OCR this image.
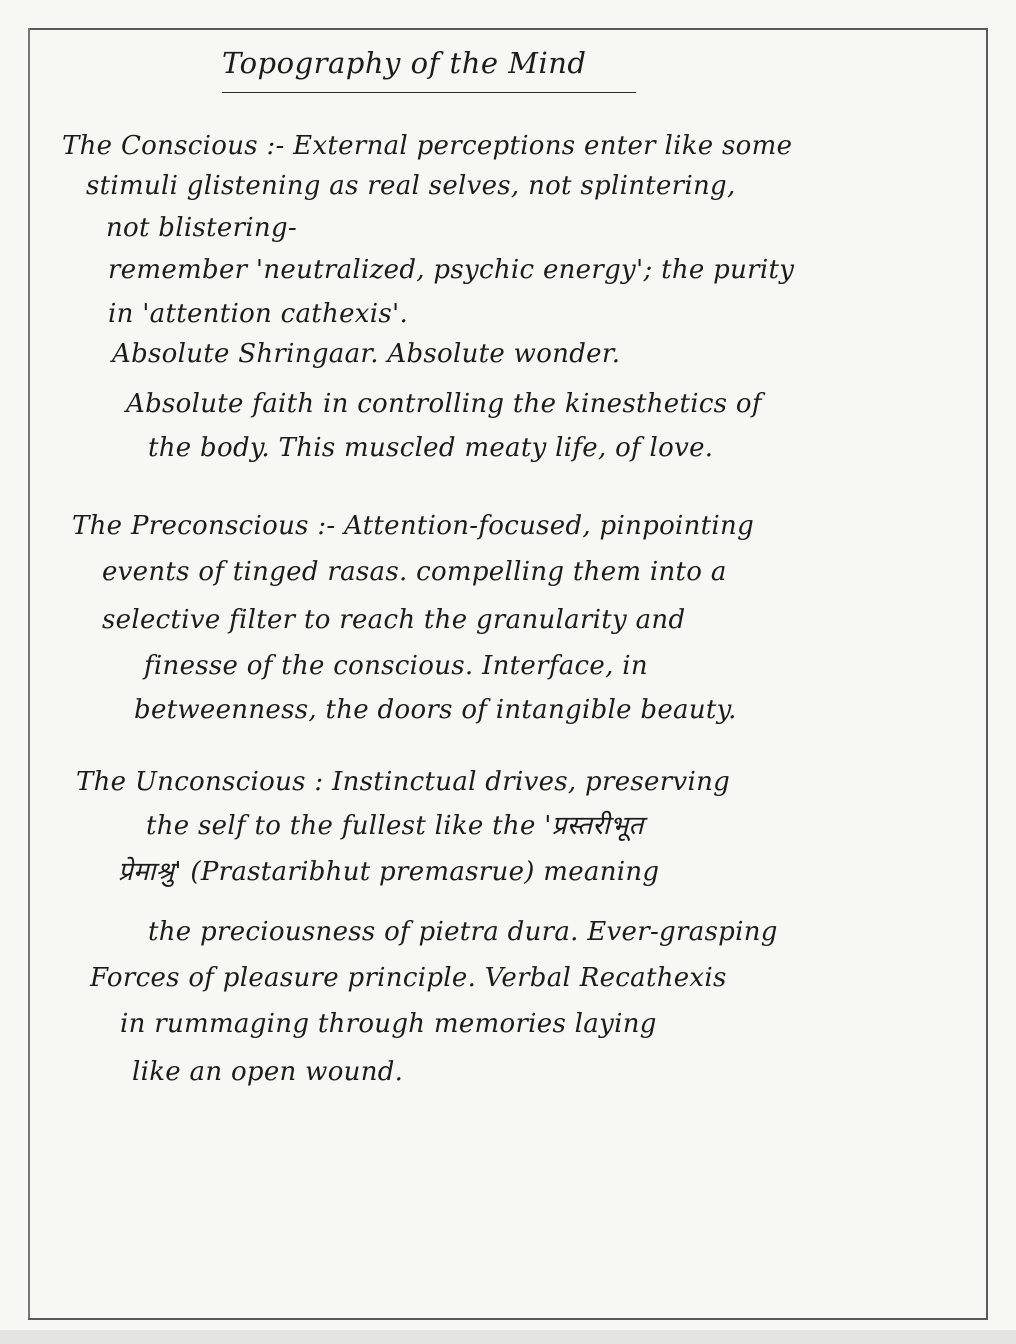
Topography of the Mind
The Conscious :- External perceptions enter like some
stimuli glistening as real selves, not splintering,
not blistering-
remember 'neutralized, psychic energy'; the purity
in 'attention cathexis'.
Absolute Shringaar. Absolute wonder.
Absolute faith in controlling the kinesthetics of
the body. This muscled meaty life, of love.
The Preconscious :- Attention-focused, pinpointing
events of tinged rasas. compelling them into a
selective filter to reach the granularity and
finesse of the conscious. Interface, in
betweenness, the doors of intangible beauty.
The Unconscious : Instinctual drives, preserving
the self to the fullest like the 'प्रस्तरीभूत
प्रेमाश्रु' (Prastaribhut premasrue) meaning
the preciousness of pietra dura. Ever-grasping
Forces of pleasure principle. Verbal Recathexis
in rummaging through memories laying
like an open wound.
